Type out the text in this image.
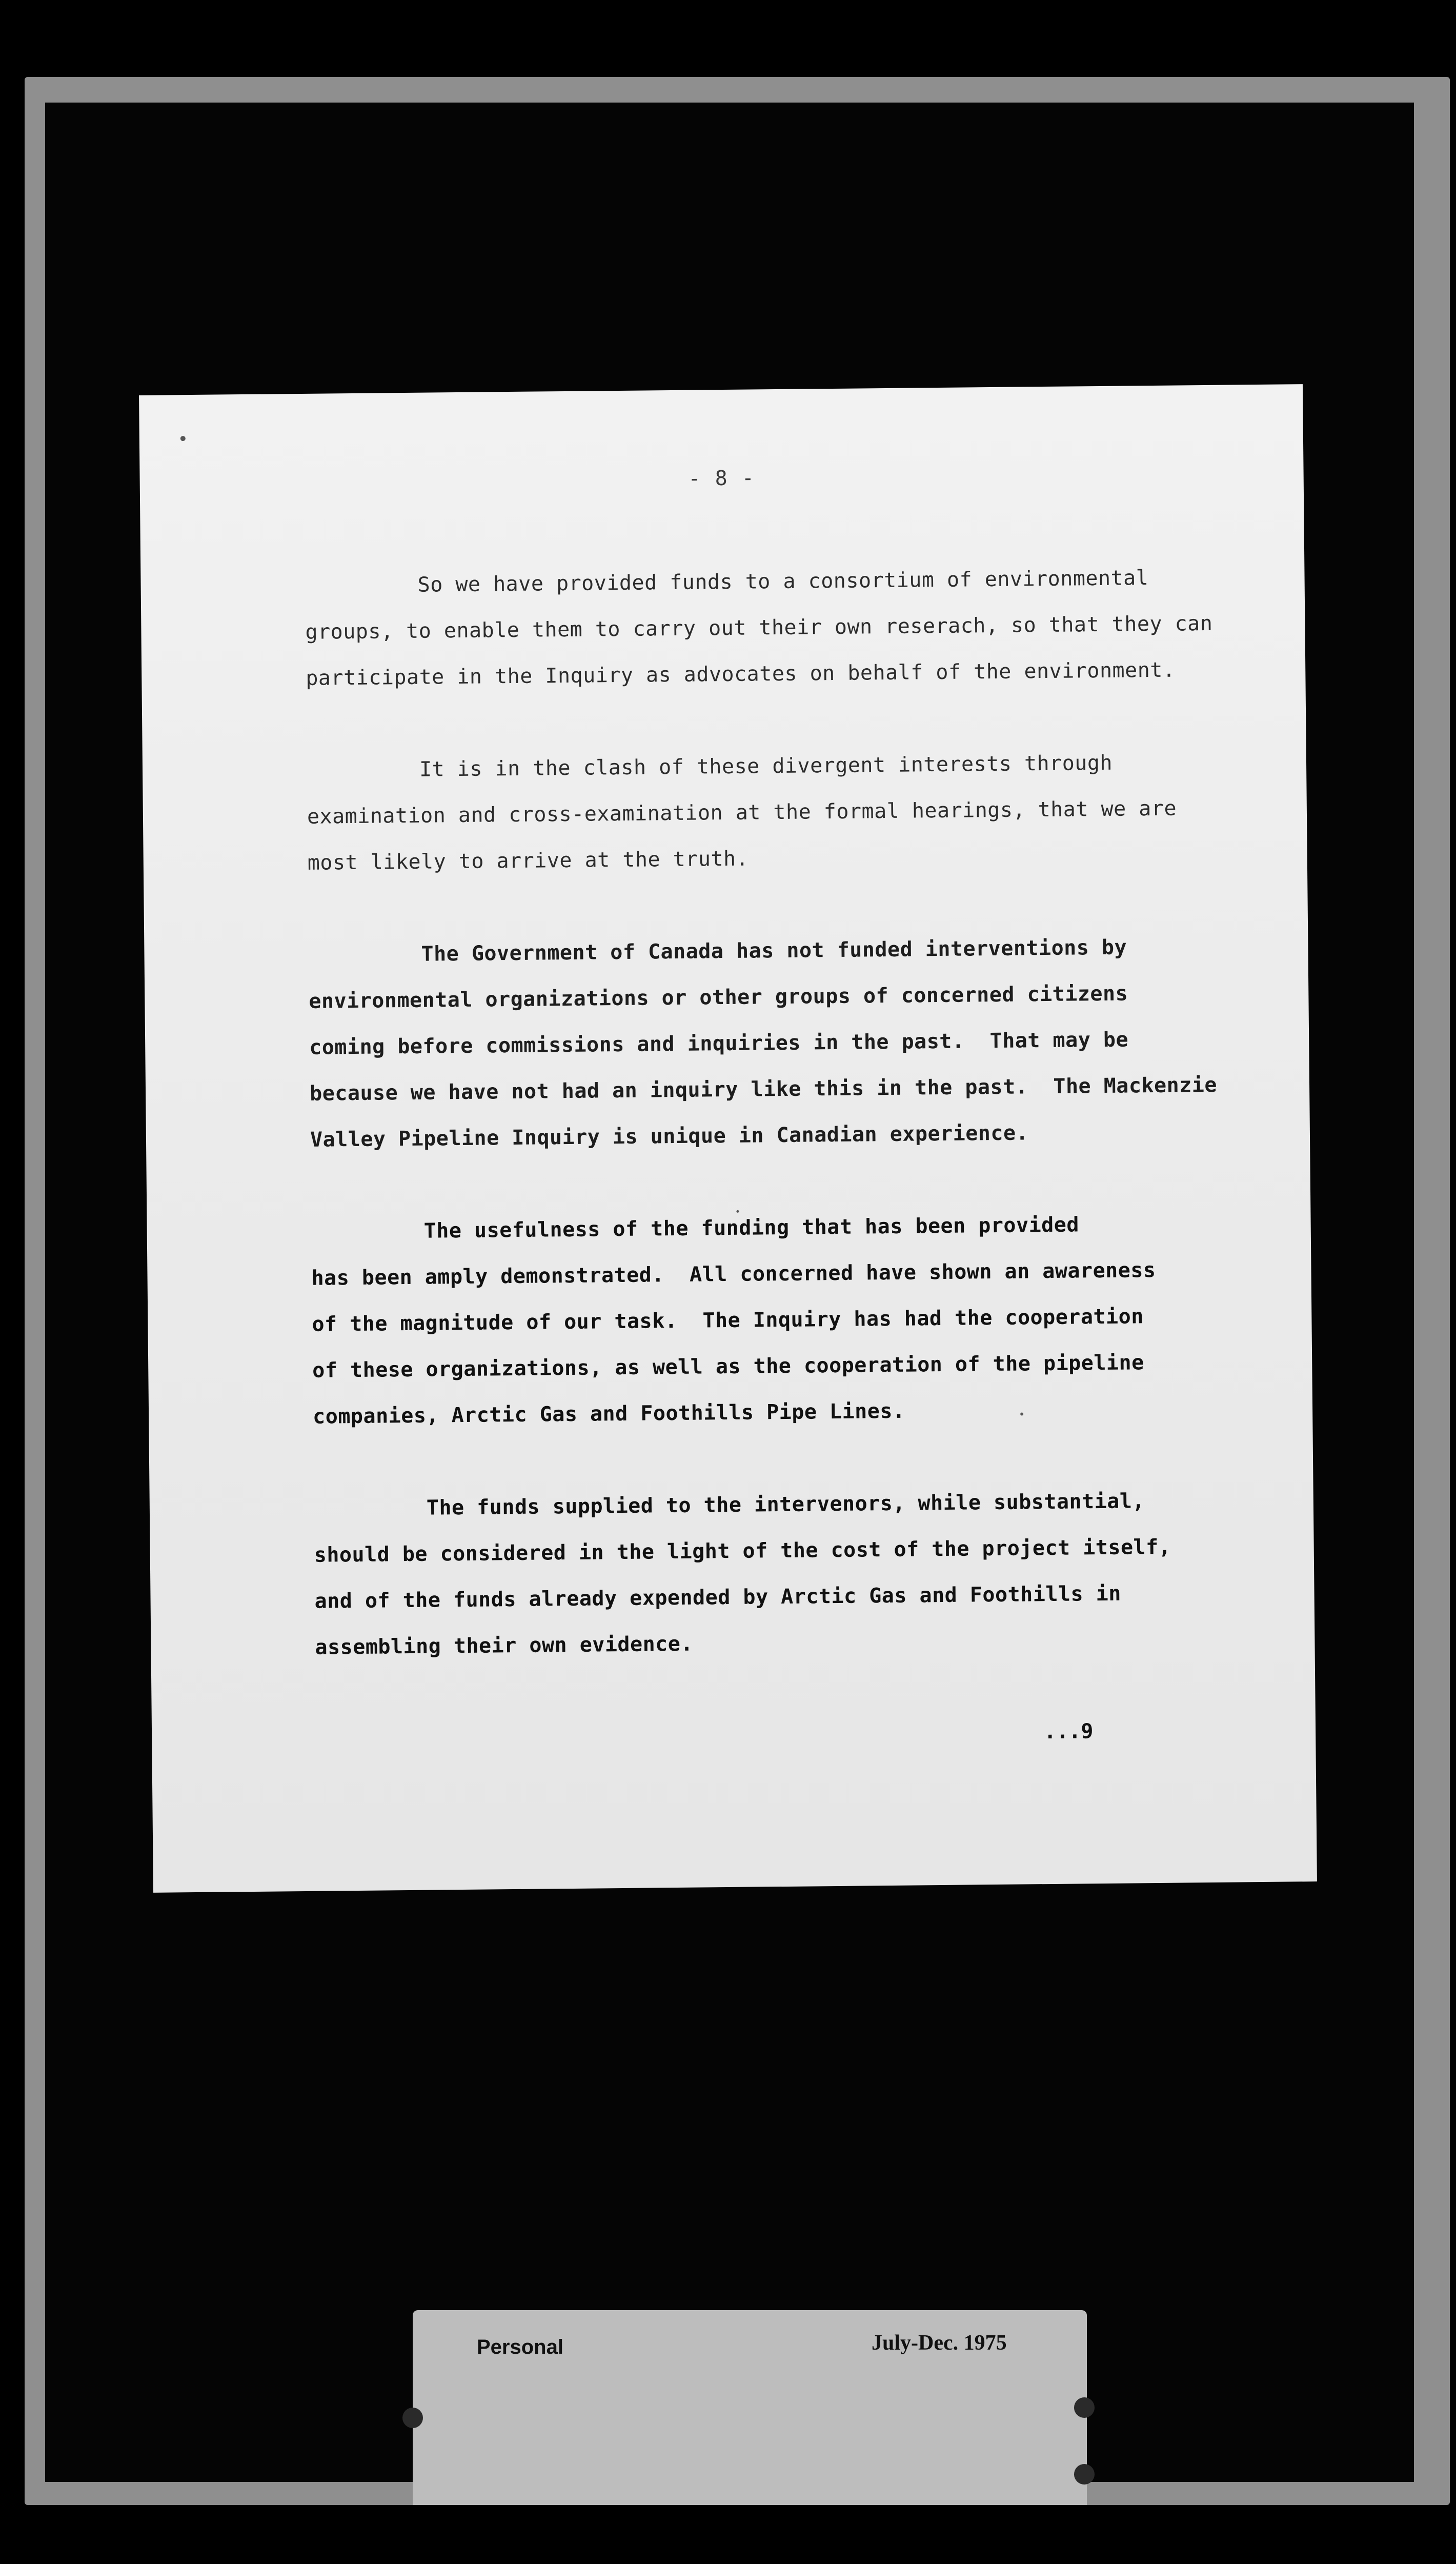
- 8 -
So we have provided funds to a consortium of environmental
groups, to enable them to carry out their own reserach, so that they can
participate in the Inquiry as advocates on behalf of the environment.
It is in the clash of these divergent interests through
examination and cross-examination at the formal hearings, that we are
most likely to arrive at the truth.
The Government of Canada has not funded interventions by
environmental organizations or other groups of concerned citizens
coming before commissions and inquiries in the past.  That may be
because we have not had an inquiry like this in the past.  The Mackenzie
Valley Pipeline Inquiry is unique in Canadian experience.
The usefulness of the funding that has been provided
has been amply demonstrated.  All concerned have shown an awareness
of the magnitude of our task.  The Inquiry has had the cooperation
of these organizations, as well as the cooperation of the pipeline
companies, Arctic Gas and Foothills Pipe Lines.
The funds supplied to the intervenors, while substantial,
should be considered in the light of the cost of the project itself,
and of the funds already expended by Arctic Gas and Foothills in
assembling their own evidence.
...9
Personal	July-Dec. 1975
